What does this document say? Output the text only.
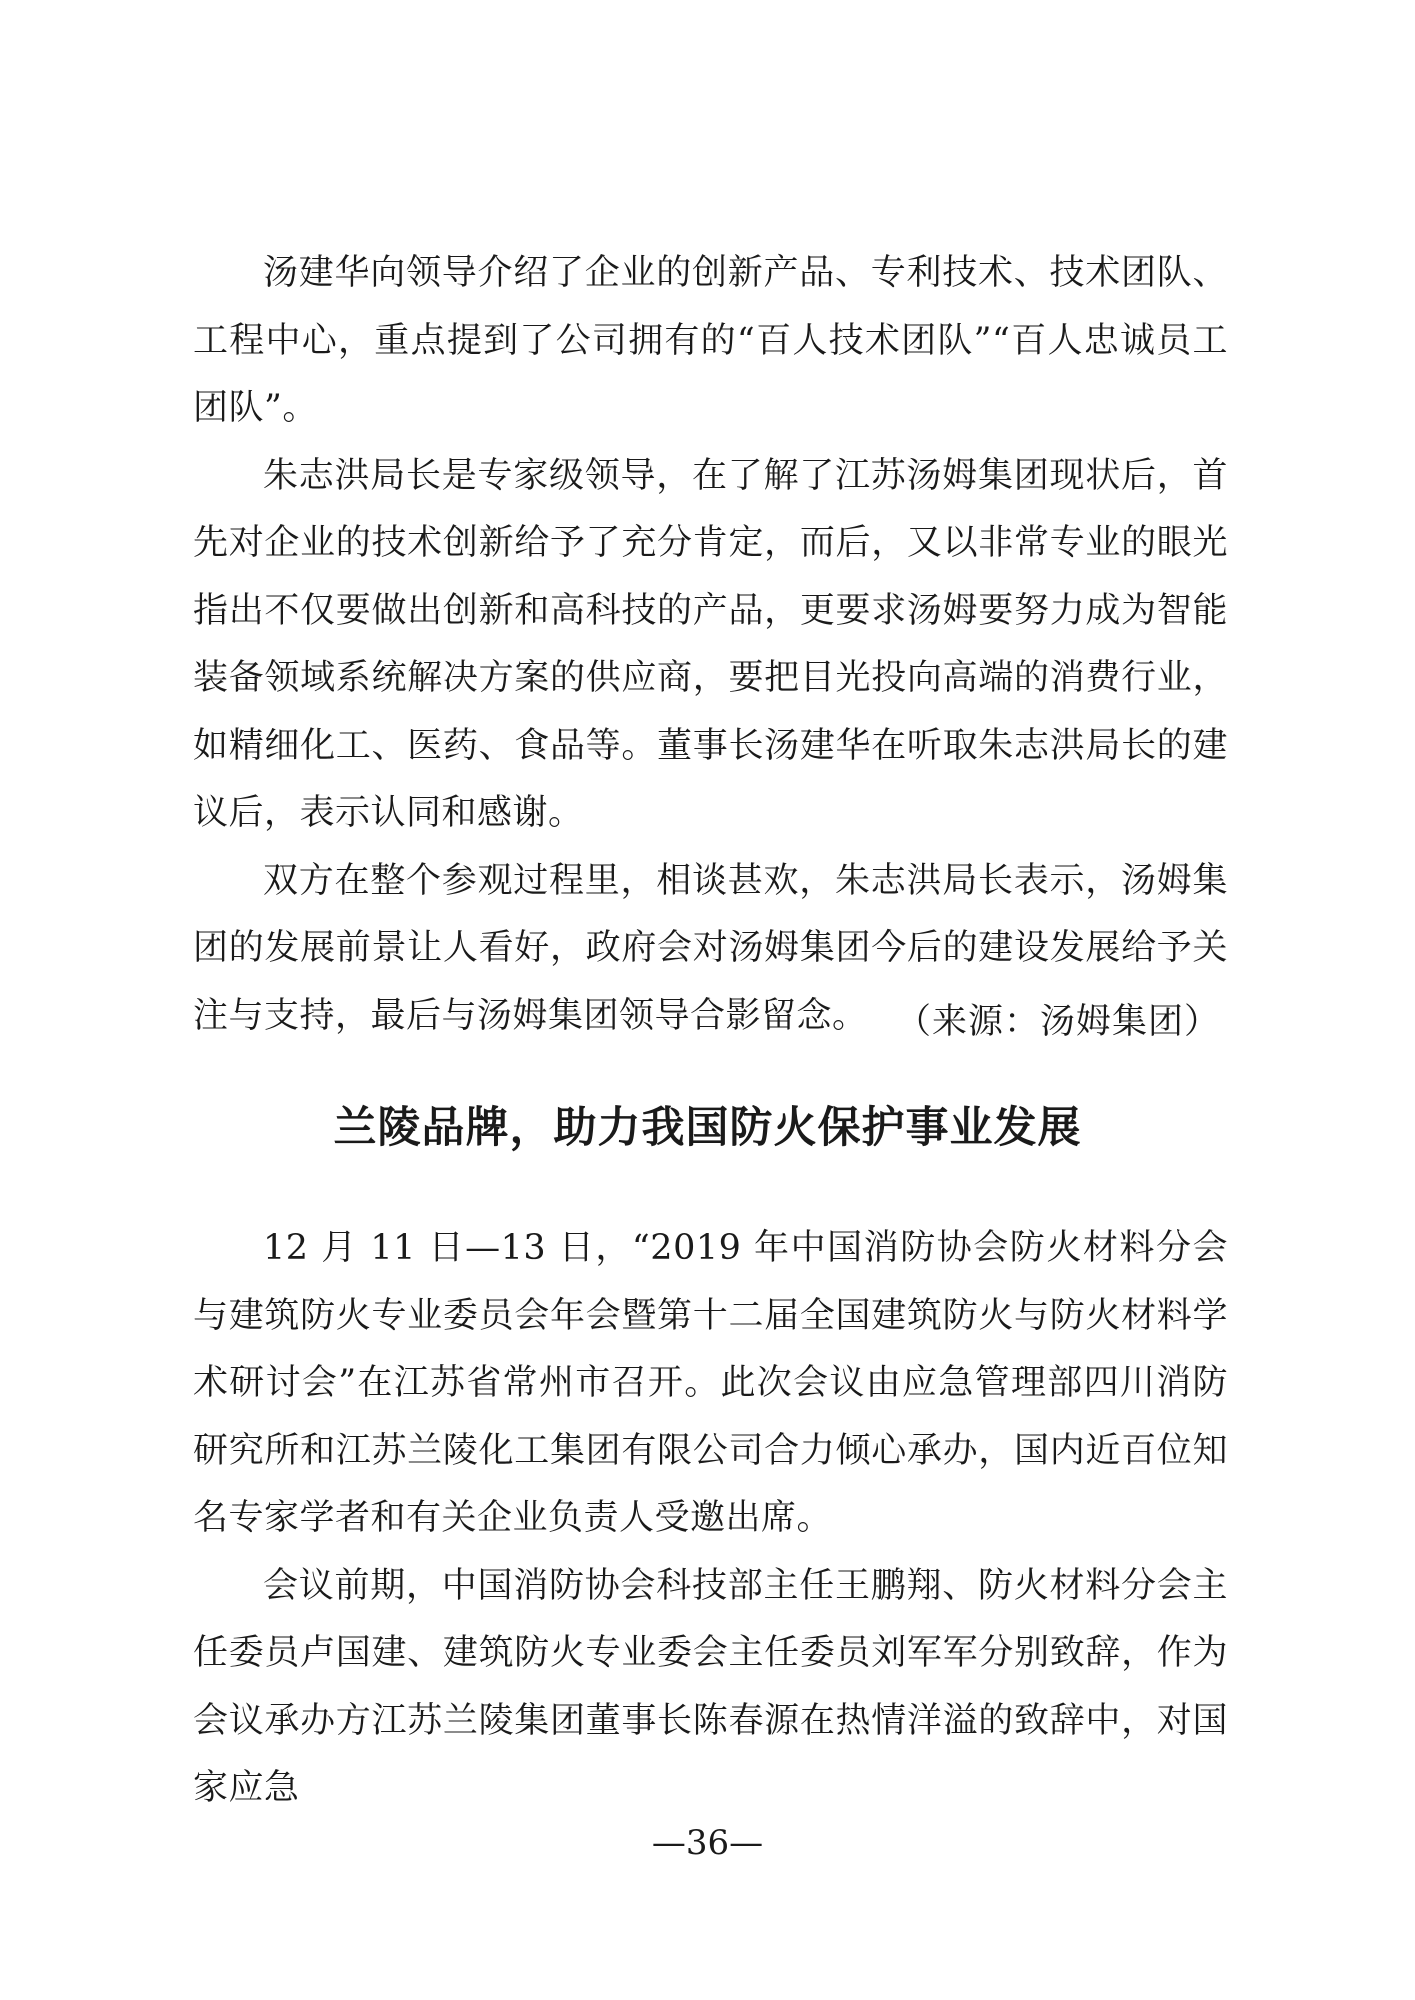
汤建华向领导介绍了企业的创新产品、专利技术、技术团队、工程中心，重点提到了公司拥有的“百人技术团队”“百人忠诚员工团队”。

朱志洪局长是专家级领导，在了解了江苏汤姆集团现状后，首先对企业的技术创新给予了充分肯定，而后，又以非常专业的眼光指出不仅要做出创新和高科技的产品，更要求汤姆要努力成为智能装备领域系统解决方案的供应商，要把目光投向高端的消费行业，如精细化工、医药、食品等。董事长汤建华在听取朱志洪局长的建议后，表示认同和感谢。

双方在整个参观过程里，相谈甚欢，朱志洪局长表示，汤姆集团的发展前景让人看好，政府会对汤姆集团今后的建设发展给予关注与支持，最后与汤姆集团领导合影留念。 （来源：汤姆集团）

兰陵品牌，助力我国防火保护事业发展

12 月 11 日—13 日，“2019 年中国消防协会防火材料分会与建筑防火专业委员会年会暨第十二届全国建筑防火与防火材料学术研讨会”在江苏省常州市召开。此次会议由应急管理部四川消防研究所和江苏兰陵化工集团有限公司合力倾心承办，国内近百位知名专家学者和有关企业负责人受邀出席。

会议前期，中国消防协会科技部主任王鹏翔、防火材料分会主任委员卢国建、建筑防火专业委会主任委员刘军军分别致辞，作为会议承办方江苏兰陵集团董事长陈春源在热情洋溢的致辞中，对国家应急

—36—
